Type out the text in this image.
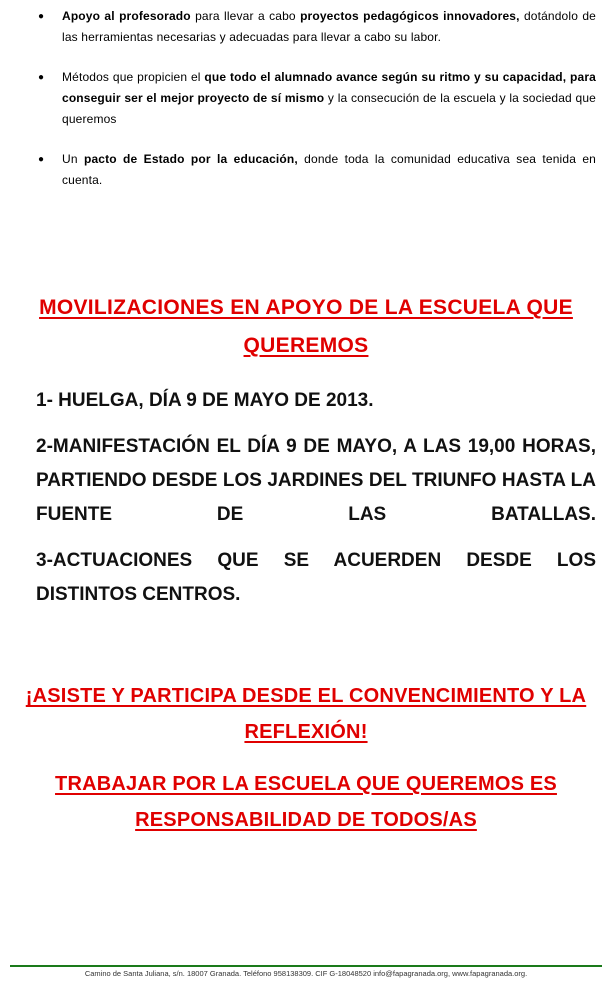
●	Apoyo al profesorado para llevar a cabo proyectos pedagógicos innovadores, dotándolo de las herramientas necesarias y adecuadas para llevar a cabo su labor.
●	Métodos que propicien el que todo el alumnado avance según su ritmo y su capacidad, para conseguir ser el mejor proyecto de sí mismo y la consecución de la escuela y la sociedad que queremos
●	Un pacto de Estado por la educación, donde toda la comunidad educativa sea tenida en cuenta.
MOVILIZACIONES EN APOYO DE LA ESCUELA QUE QUEREMOS
1- HUELGA, DÍA 9 DE MAYO DE 2013.
2-MANIFESTACIÓN EL DÍA 9 DE MAYO, A LAS 19,00 HORAS, PARTIENDO DESDE LOS JARDINES DEL TRIUNFO HASTA LA FUENTE DE LAS BATALLAS.
3-ACTUACIONES QUE SE ACUERDEN DESDE LOS DISTINTOS CENTROS.
¡ASISTE Y PARTICIPA DESDE EL CONVENCIMIENTO Y LA REFLEXIÓN!
TRABAJAR POR LA ESCUELA QUE QUEREMOS ES RESPONSABILIDAD DE TODOS/AS
Camino de Santa Juliana, s/n. 18007 Granada. Teléfono 958138309. CIF G-18048520 info@fapagranada.org, www.fapagranada.org.
